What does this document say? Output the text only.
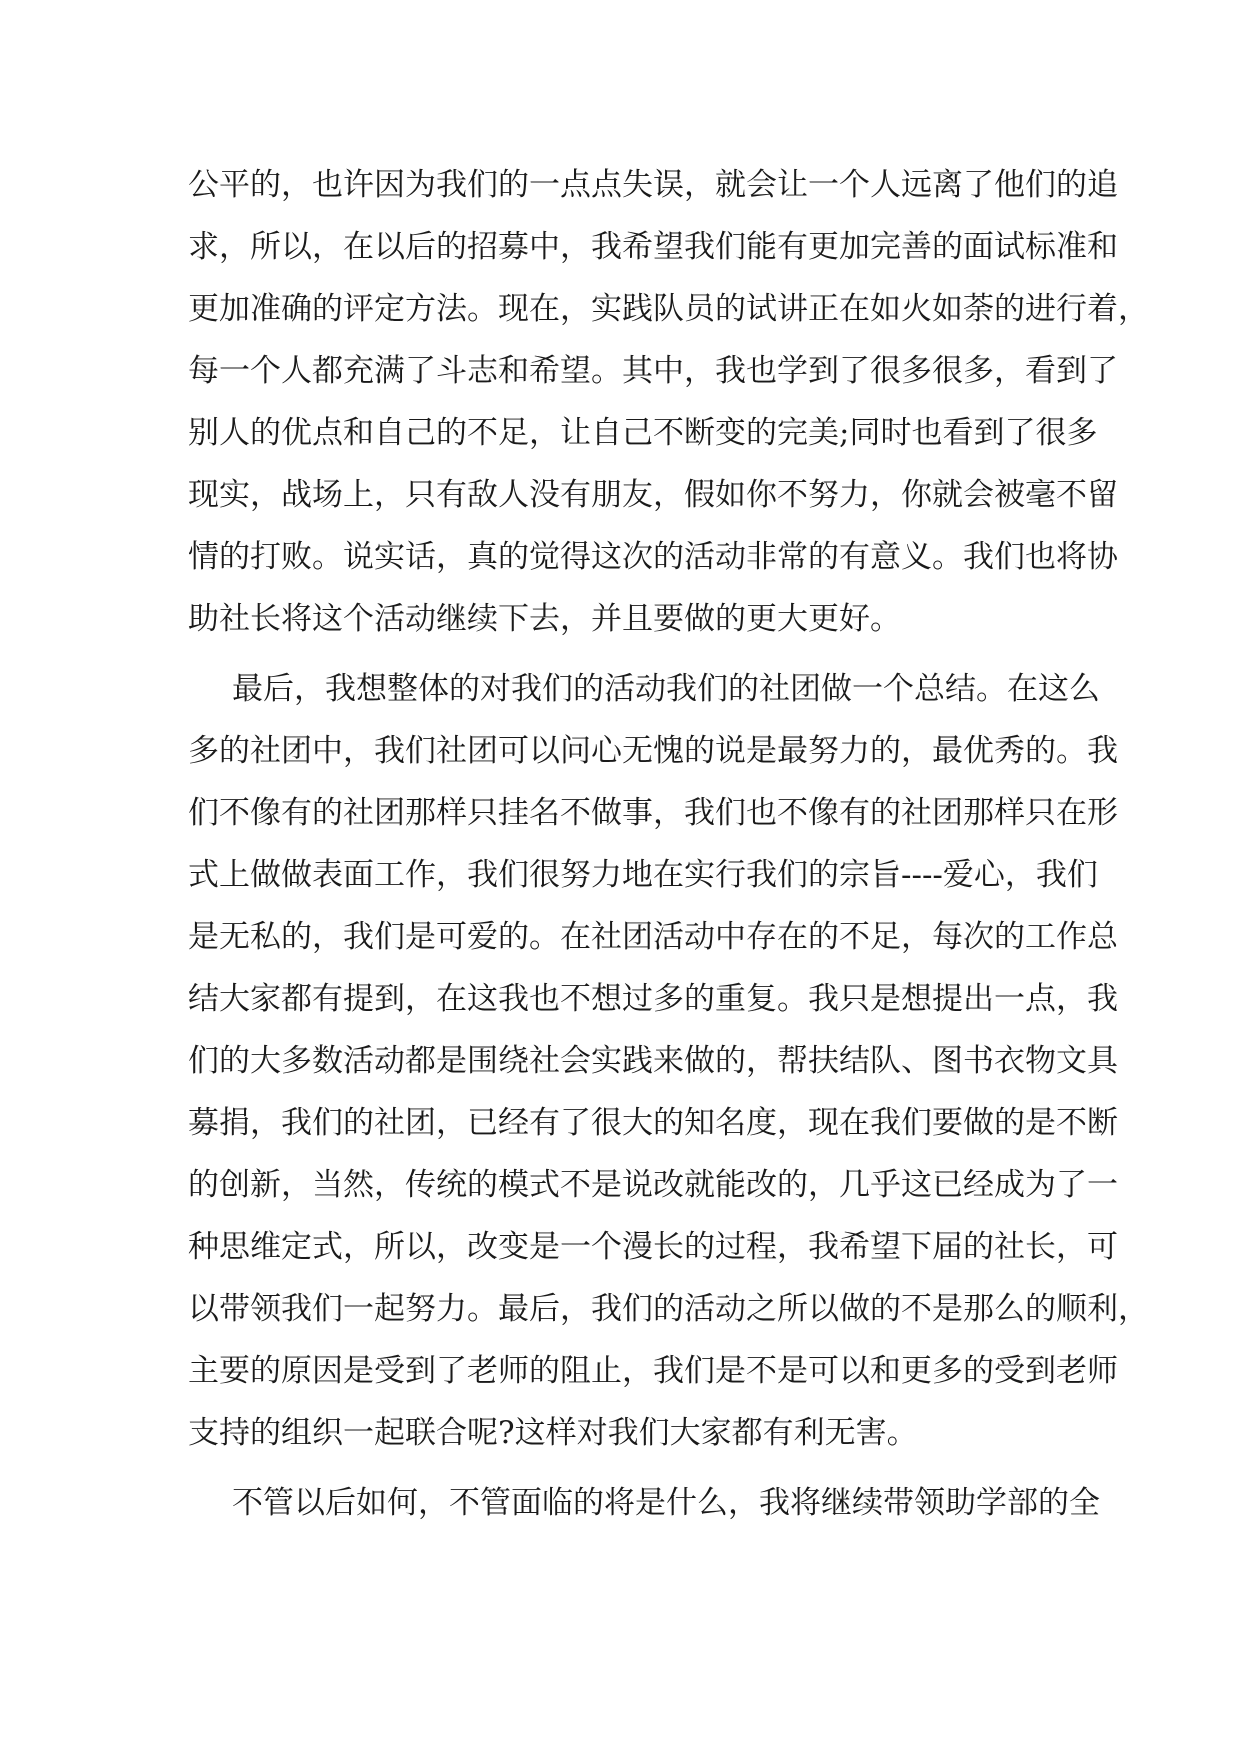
公平的，也许因为我们的一点点失误，就会让一个人远离了他们的追
求，所以，在以后的招募中，我希望我们能有更加完善的面试标准和
更加准确的评定方法。现在，实践队员的试讲正在如火如荼的进行着，
每一个人都充满了斗志和希望。其中，我也学到了很多很多，看到了
别人的优点和自己的不足，让自己不断变的完美;同时也看到了很多
现实，战场上，只有敌人没有朋友，假如你不努力，你就会被毫不留
情的打败。说实话，真的觉得这次的活动非常的有意义。我们也将协
助社长将这个活动继续下去，并且要做的更大更好。
最后，我想整体的对我们的活动我们的社团做一个总结。在这么
多的社团中，我们社团可以问心无愧的说是最努力的，最优秀的。我
们不像有的社团那样只挂名不做事，我们也不像有的社团那样只在形
式上做做表面工作，我们很努力地在实行我们的宗旨----爱心，我们
是无私的，我们是可爱的。在社团活动中存在的不足，每次的工作总
结大家都有提到，在这我也不想过多的重复。我只是想提出一点，我
们的大多数活动都是围绕社会实践来做的，帮扶结队、图书衣物文具
募捐，我们的社团，已经有了很大的知名度，现在我们要做的是不断
的创新，当然，传统的模式不是说改就能改的，几乎这已经成为了一
种思维定式，所以，改变是一个漫长的过程，我希望下届的社长，可
以带领我们一起努力。最后，我们的活动之所以做的不是那么的顺利，
主要的原因是受到了老师的阻止，我们是不是可以和更多的受到老师
支持的组织一起联合呢?这样对我们大家都有利无害。
不管以后如何，不管面临的将是什么，我将继续带领助学部的全
